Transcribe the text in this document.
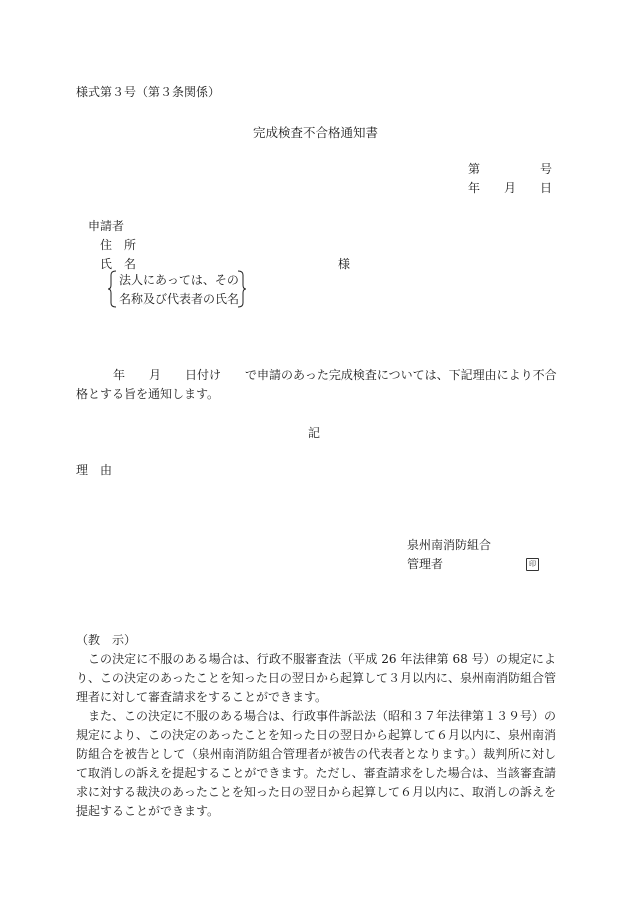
様式第３号（第３条関係）
完成検査不合格通知書
第	号
年 月 日
申請者
住　所
氏　名	様
法人にあっては、その
名称及び代表者の氏名
年 月 日付け で申請のあった完成検査については、下記理由により不合
格とする旨を通知します。
記
理　由
泉州南消防組合
管理者	印
（教　示）
この決定に不服のある場合は、行政不服審査法（平成 26 年法律第 68 号）の規定により、この決定のあったことを知った日の翌日から起算して３月以内に、泉州南消防組合管理者に対して審査請求をすることができます。
また、この決定に不服のある場合は、行政事件訴訟法（昭和３７年法律第１３９号）の規定により、この決定のあったことを知った日の翌日から起算して６月以内に、泉州南消防組合を被告として（泉州南消防組合管理者が被告の代表者となります。）裁判所に対して取消しの訴えを提起することができます。ただし、審査請求をした場合は、当該審査請求に対する裁決のあったことを知った日の翌日から起算して６月以内に、取消しの訴えを提起することができます。
